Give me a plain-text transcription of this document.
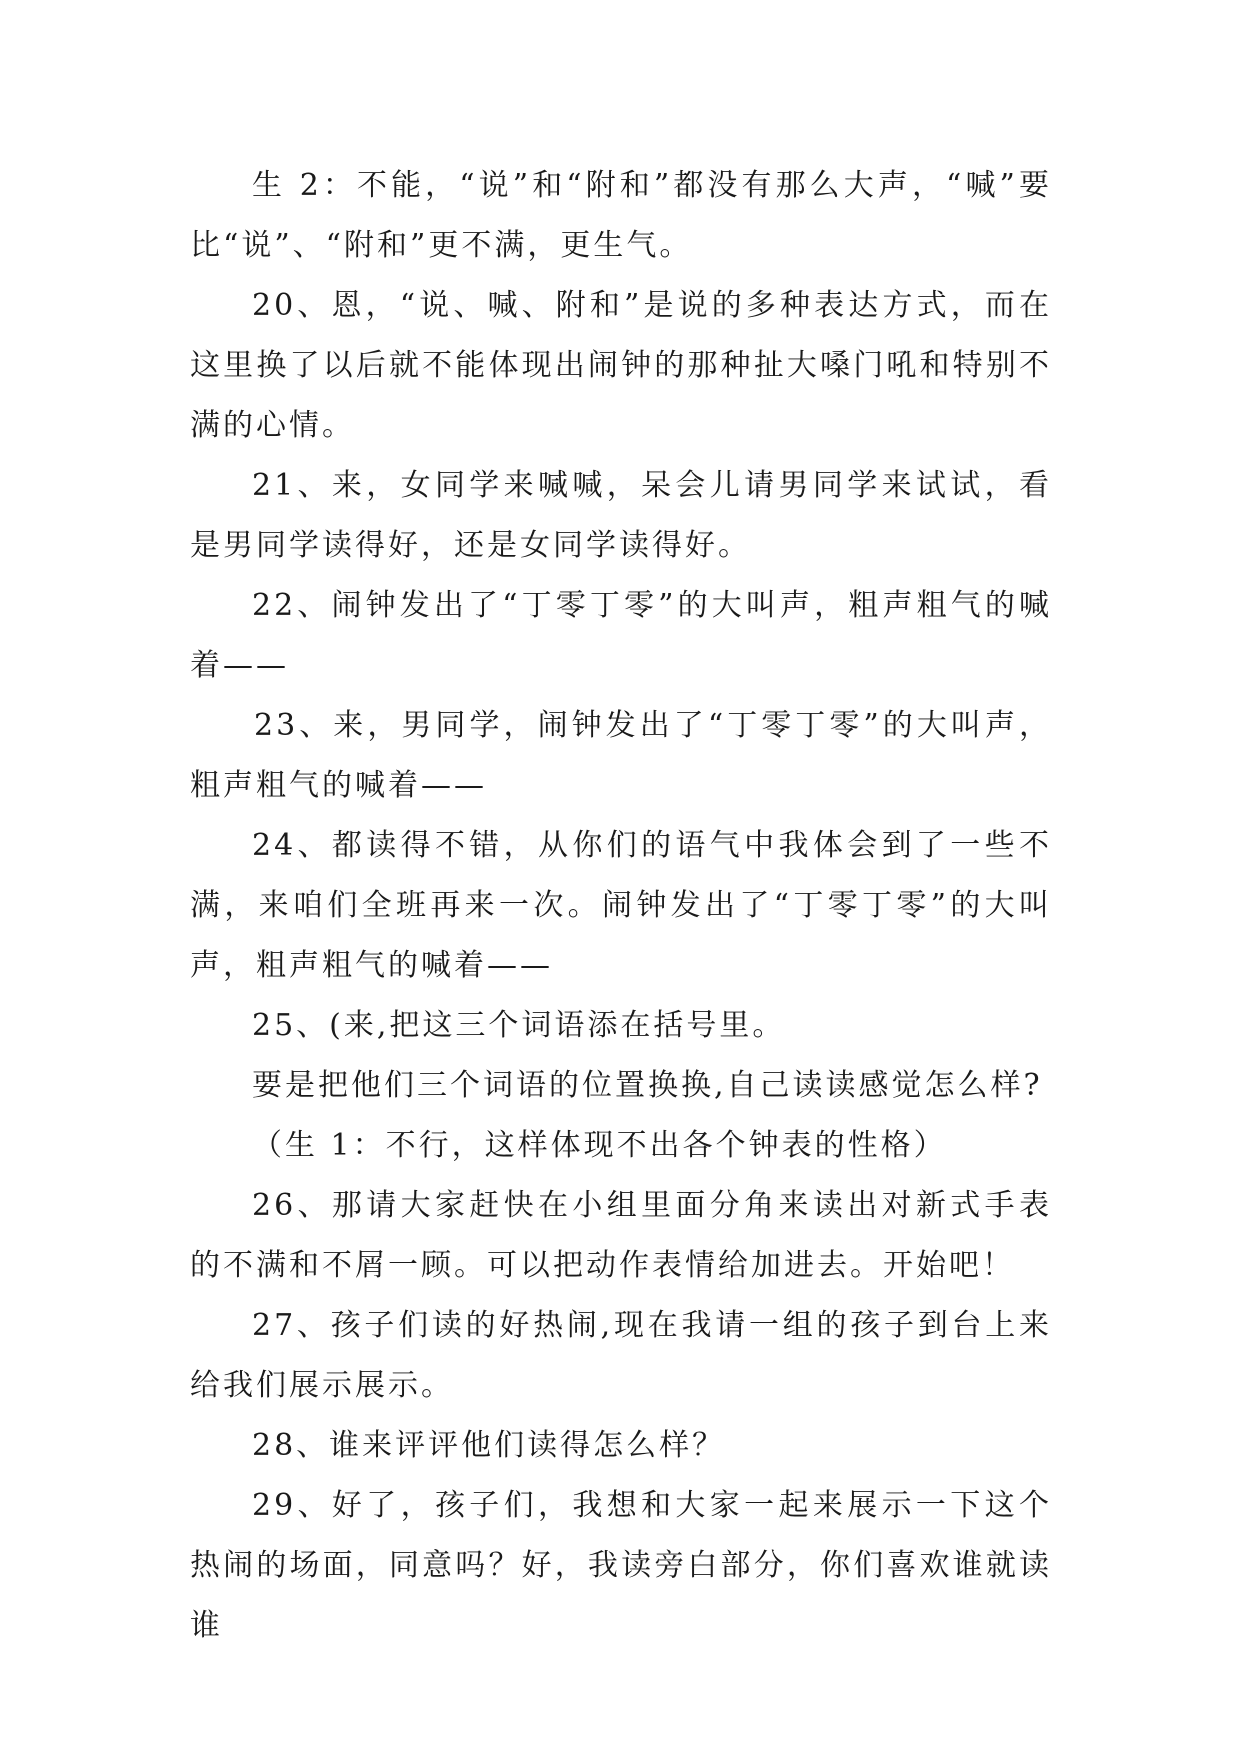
生 2：不能，“说”和“附和”都没有那么大声，“喊”要比“说”、“附和”更不满，更生气。

20、恩，“说、喊、附和”是说的多种表达方式，而在这里换了以后就不能体现出闹钟的那种扯大嗓门吼和特别不满的心情。

21、来，女同学来喊喊，呆会儿请男同学来试试，看是男同学读得好，还是女同学读得好。

22、闹钟发出了“丁零丁零”的大叫声，粗声粗气的喊着——

23、来，男同学，闹钟发出了“丁零丁零”的大叫声，粗声粗气的喊着——

24、都读得不错，从你们的语气中我体会到了一些不满，来咱们全班再来一次。闹钟发出了“丁零丁零”的大叫声，粗声粗气的喊着——

25、(来,把这三个词语添在括号里。

要是把他们三个词语的位置换换,自己读读感觉怎么样?

（生 1：不行，这样体现不出各个钟表的性格）

26、那请大家赶快在小组里面分角来读出对新式手表的不满和不屑一顾。可以把动作表情给加进去。开始吧！

27、孩子们读的好热闹,现在我请一组的孩子到台上来给我们展示展示。

28、谁来评评他们读得怎么样？

29、好了，孩子们，我想和大家一起来展示一下这个热闹的场面，同意吗？好，我读旁白部分，你们喜欢谁就读谁
